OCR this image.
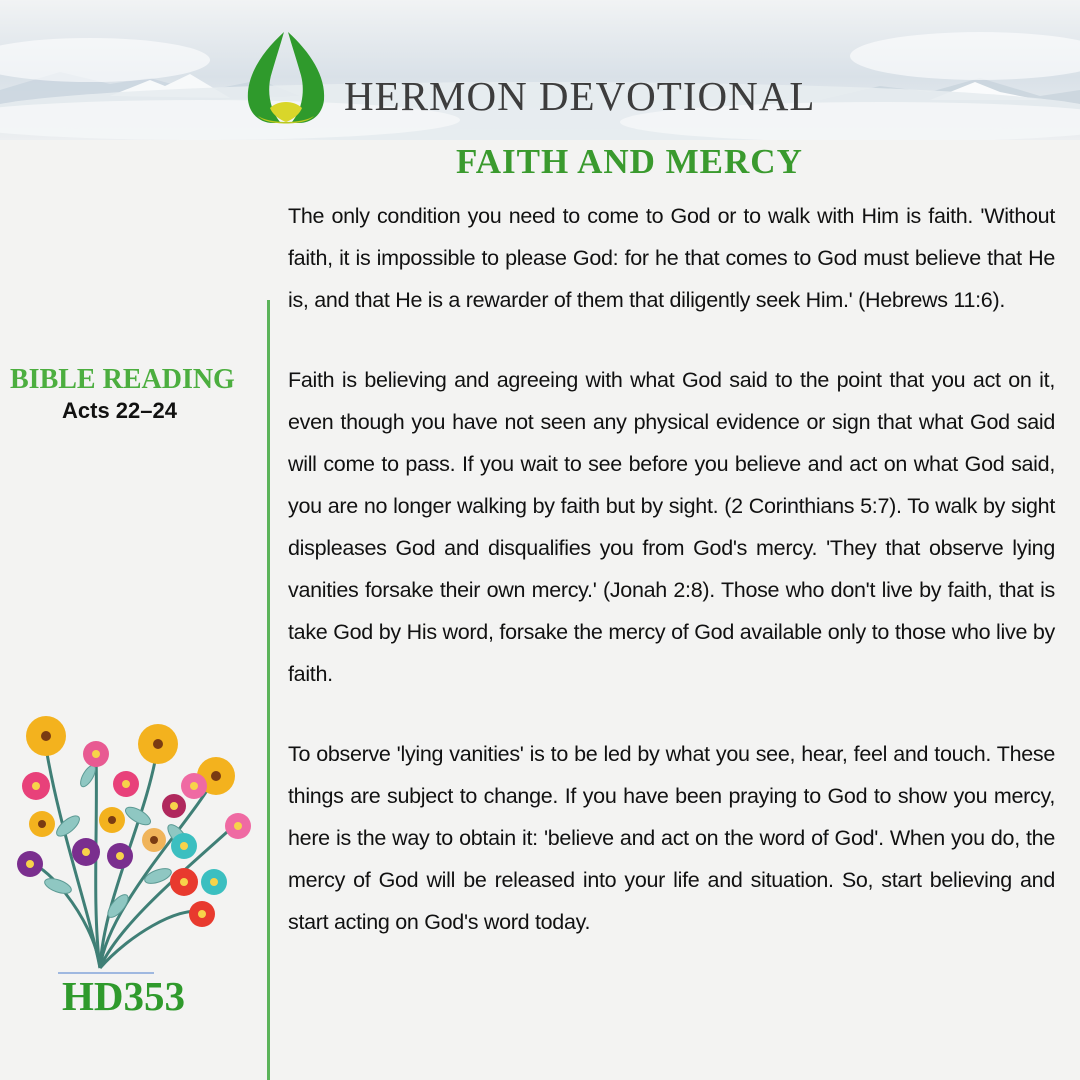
HERMON DEVOTIONAL
FAITH AND MERCY
BIBLE READING
Acts 22–24
HD353

The only condition you need to come to God or to walk with Him is faith. 'Without faith, it is impossible to please God: for he that comes to God must believe that He is, and that He is a rewarder of them that diligently seek Him.' (Hebrews 11:6).

Faith is believing and agreeing with what God said to the point that you act on it, even though you have not seen any physical evidence or sign that what God said will come to pass. If you wait to see before you believe and act on what God said, you are no longer walking by faith but by sight. (2 Corinthians 5:7). To walk by sight displeases God and disqualifies you from God's mercy. 'They that observe lying vanities forsake their own mercy.' (Jonah 2:8). Those who don't live by faith, that is take God by His word, forsake the mercy of God available only to those who live by faith.

To observe 'lying vanities' is to be led by what you see, hear, feel and touch. These things are subject to change. If you have been praying to God to show you mercy, here is the way to obtain it: 'believe and act on the word of God'. When you do, the mercy of God will be released into your life and situation. So, start believing and start acting on God's word today.
